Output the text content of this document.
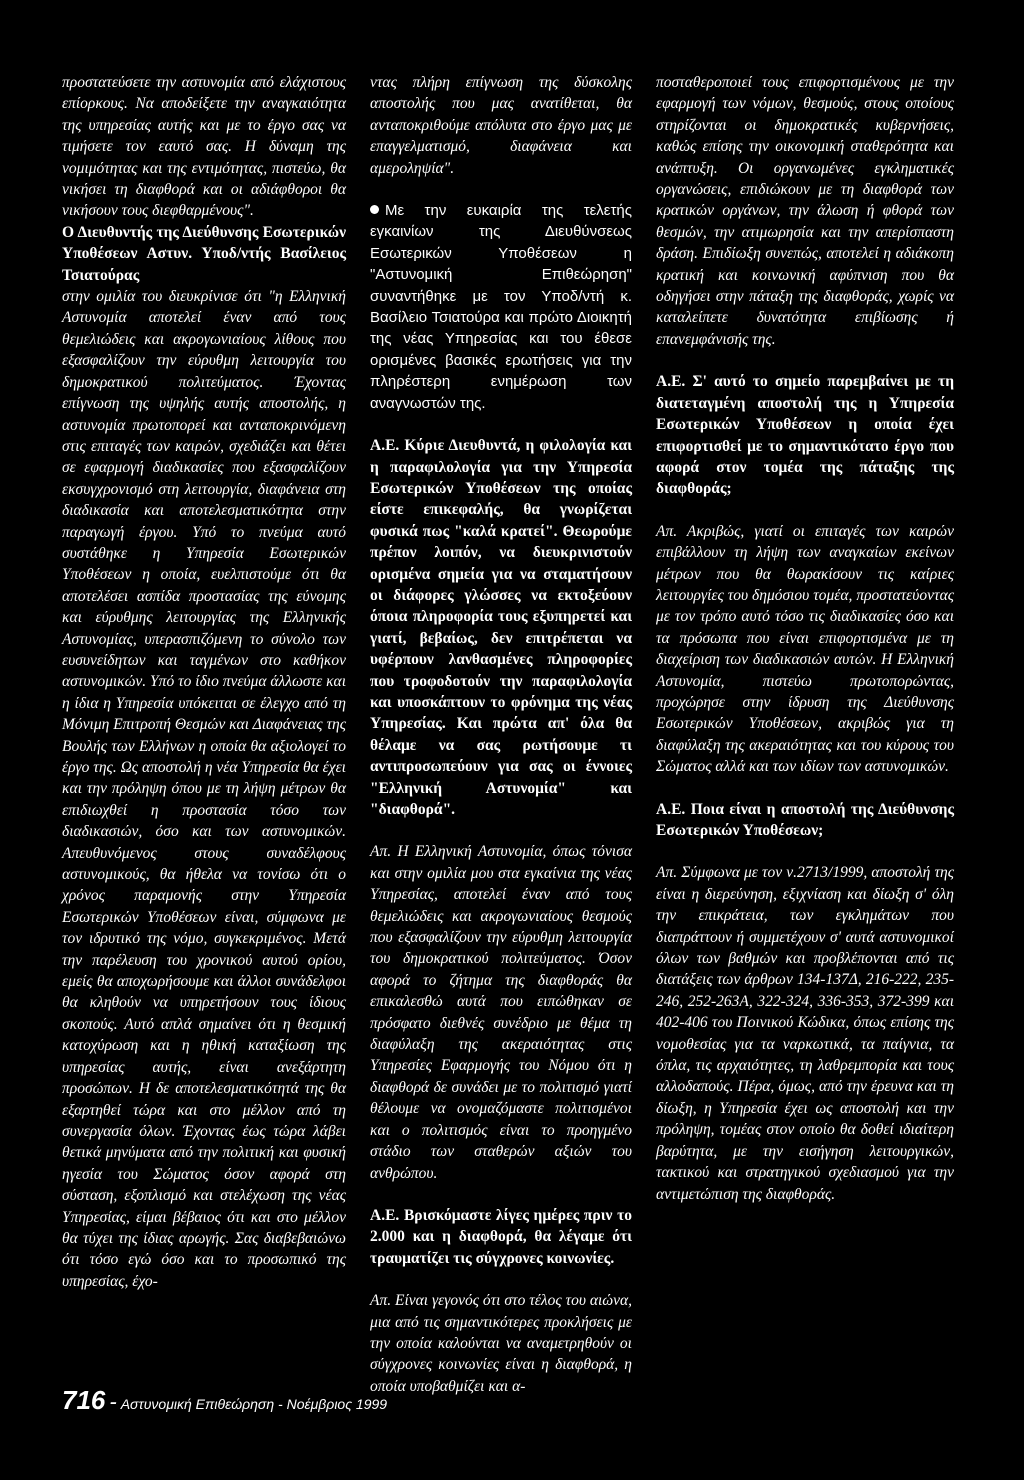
προστατεύσετε την αστυνομία από ελάχιστους επίορκους. Να αποδείξετε την αναγκαιότητα της υπηρεσίας αυτής και με το έργο σας να τιμήσετε τον εαυτό σας. Η δύναμη της νομιμότητας και της εντιμότητας, πιστεύω, θα νικήσει τη διαφθορά και οι αδιάφθοροι θα νικήσουν τους διεφθαρμένους".

Ο Διευθυντής της Διεύθυνσης Εσωτερικών Υποθέσεων Αστυν. Υποδ/ντής Βασίλειος Τσιατούρας

στην ομιλία του διευκρίνισε ότι "η Ελληνική Αστυνομία αποτελεί έναν από τους θεμελιώδεις και ακρογωνιαίους λίθους που εξασφαλίζουν την εύρυθμη λειτουργία του δημοκρατικού πολιτεύματος. Έχοντας επίγνωση της υψηλής αυτής αποστολής, η αστυνομία πρωτοπορεί και ανταποκρινόμενη στις επιταγές των καιρών, σχεδιάζει και θέτει σε εφαρμογή διαδικασίες που εξασφαλίζουν εκσυγχρονισμό στη λειτουργία, διαφάνεια στη διαδικασία και αποτελεσματικότητα στην παραγωγή έργου. Υπό το πνεύμα αυτό συστάθηκε η Υπηρεσία Εσωτερικών Υποθέσεων η οποία, ευελπιστούμε ότι θα αποτελέσει ασπίδα προστασίας της εύνομης και εύρυθμης λειτουργίας της Ελληνικής Αστυνομίας, υπερασπιζόμενη το σύνολο των ευσυνείδητων και ταγμένων στο καθήκον αστυνομικών. Υπό το ίδιο πνεύμα άλλωστε και η ίδια η Υπηρεσία υπόκειται σε έλεγχο από τη Μόνιμη Επιτροπή Θεσμών και Διαφάνειας της Βουλής των Ελλήνων η οποία θα αξιολογεί το έργο της. Ως αποστολή η νέα Υπηρεσία θα έχει και την πρόληψη όπου με τη λήψη μέτρων θα επιδιωχθεί η προστασία τόσο των διαδικασιών, όσο και των αστυνομικών. Απευθυνόμενος στους συναδέλφους αστυνομικούς, θα ήθελα να τονίσω ότι ο χρόνος παραμονής στην Υπηρεσία Εσωτερικών Υποθέσεων είναι, σύμφωνα με τον ιδρυτικό της νόμο, συγκεκριμένος. Μετά την παρέλευση του χρονικού αυτού ορίου, εμείς θα αποχωρήσουμε και άλλοι συνάδελφοι θα κληθούν να υπηρετήσουν τους ίδιους σκοπούς. Αυτό απλά σημαίνει ότι η θεσμική κατοχύρωση και η ηθική καταξίωση της υπηρεσίας αυτής, είναι ανεξάρτητη προσώπων. Η δε αποτελεσματικότητά της θα εξαρτηθεί τώρα και στο μέλλον από τη συνεργασία όλων. Έχοντας έως τώρα λάβει θετικά μηνύματα από την πολιτική και φυσική ηγεσία του Σώματος όσον αφορά στη σύσταση, εξοπλισμό και στελέχωση της νέας Υπηρεσίας, είμαι βέβαιος ότι και στο μέλλον θα τύχει της ίδιας αρωγής. Σας διαβεβαιώνω ότι τόσο εγώ όσο και το προσωπικό της υπηρεσίας, έχο-

ντας πλήρη επίγνωση της δύσκολης αποστολής που μας ανατίθεται, θα ανταποκριθούμε απόλυτα στο έργο μας με επαγγελματισμό, διαφάνεια και αμεροληψία".

Με την ευκαιρία της τελετής εγκαινίων της Διευθύνσεως Εσωτερικών Υποθέσεων η "Αστυνομική Επιθεώρηση" συναντήθηκε με τον Υποδ/ντή κ. Βασίλειο Τσιατούρα και πρώτο Διοικητή της νέας Υπηρεσίας και του έθεσε ορισμένες βασικές ερωτήσεις για την πληρέστερη ενημέρωση των αναγνωστών της.

Α.Ε. Κύριε Διευθυντά, η φιλολογία και η παραφιλολογία για την Υπηρεσία Εσωτερικών Υποθέσεων της οποίας είστε επικεφαλής, θα γνωρίζεται φυσικά πως "καλά κρατεί". Θεωρούμε πρέπον λοιπόν, να διευκρινιστούν ορισμένα σημεία για να σταματήσουν οι διάφορες γλώσσες να εκτοξεύουν όποια πληροφορία τους εξυπηρετεί και γιατί, βεβαίως, δεν επιτρέπεται να υφέρπουν λανθασμένες πληροφορίες που τροφοδοτούν την παραφιλολογία και υποσκάπτουν το φρόνημα της νέας Υπηρεσίας. Και πρώτα απ' όλα θα θέλαμε να σας ρωτήσουμε τι αντιπροσωπεύουν για σας οι έννοιες "Ελληνική Αστυνομία" και "διαφθορά".

Απ. Η Ελληνική Αστυνομία, όπως τόνισα και στην ομιλία μου στα εγκαίνια της νέας Υπηρεσίας, αποτελεί έναν από τους θεμελιώδεις και ακρογωνιαίους θεσμούς που εξασφαλίζουν την εύρυθμη λειτουργία του δημοκρατικού πολιτεύματος. Όσον αφορά το ζήτημα της διαφθοράς θα επικαλεσθώ αυτά που ειπώθηκαν σε πρόσφατο διεθνές συνέδριο με θέμα τη διαφύλαξη της ακεραιότητας στις Υπηρεσίες Εφαρμογής του Νόμου ότι η διαφθορά δε συνάδει με το πολιτισμό γιατί θέλουμε να ονομαζόμαστε πολιτισμένοι και ο πολιτισμός είναι το προηγμένο στάδιο των σταθερών αξιών του ανθρώπου.

Α.Ε. Βρισκόμαστε λίγες ημέρες πριν το 2.000 και η διαφθορά, θα λέγαμε ότι τραυματίζει τις σύγχρονες κοινωνίες.

Απ. Είναι γεγονός ότι στο τέλος του αιώνα, μια από τις σημαντικότερες προκλήσεις με την οποία καλούνται να αναμετρηθούν οι σύγχρονες κοινωνίες είναι η διαφθορά, η οποία υποβαθμίζει και α-

ποσταθεροποιεί τους επιφορτισμένους με την εφαρμογή των νόμων, θεσμούς, στους οποίους στηρίζονται οι δημοκρατικές κυβερνήσεις, καθώς επίσης την οικονομική σταθερότητα και ανάπτυξη. Οι οργανωμένες εγκληματικές οργανώσεις, επιδιώκουν με τη διαφθορά των κρατικών οργάνων, την άλωση ή φθορά των θεσμών, την ατιμωρησία και την απερίσπαστη δράση. Επιδίωξη συνεπώς, αποτελεί η αδιάκοπη κρατική και κοινωνική αφύπνιση που θα οδηγήσει στην πάταξη της διαφθοράς, χωρίς να καταλείπετε δυνατότητα επιβίωσης ή επανεμφάνισής της.

Α.Ε. Σ' αυτό το σημείο παρεμβαίνει με τη διατεταγμένη αποστολή της η Υπηρεσία Εσωτερικών Υποθέσεων η οποία έχει επιφορτισθεί με το σημαντικότατο έργο που αφορά στον τομέα της πάταξης της διαφθοράς;

Απ. Ακριβώς, γιατί οι επιταγές των καιρών επιβάλλουν τη λήψη των αναγκαίων εκείνων μέτρων που θα θωρακίσουν τις καίριες λειτουργίες του δημόσιου τομέα, προστατεύοντας με τον τρόπο αυτό τόσο τις διαδικασίες όσο και τα πρόσωπα που είναι επιφορτισμένα με τη διαχείριση των διαδικασιών αυτών. Η Ελληνική Αστυνομία, πιστεύω πρωτοπορώντας, προχώρησε στην ίδρυση της Διεύθυνσης Εσωτερικών Υποθέσεων, ακριβώς για τη διαφύλαξη της ακεραιότητας και του κύρους του Σώματος αλλά και των ιδίων των αστυνομικών.

Α.Ε. Ποια είναι η αποστολή της Διεύθυνσης Εσωτερικών Υποθέσεων;

Απ. Σύμφωνα με τον ν.2713/1999, αποστολή της είναι η διερεύνηση, εξιχνίαση και δίωξη σ' όλη την επικράτεια, των εγκλημάτων που διαπράττουν ή συμμετέχουν σ' αυτά αστυνομικοί όλων των βαθμών και προβλέπονται από τις διατάξεις των άρθρων 134-137Δ, 216-222, 235-246, 252-263Α, 322-324, 336-353, 372-399 και 402-406 του Ποινικού Κώδικα, όπως επίσης της νομοθεσίας για τα ναρκωτικά, τα παίγνια, τα όπλα, τις αρχαιότητες, τη λαθρεμπορία και τους αλλοδαπούς. Πέρα, όμως, από την έρευνα και τη δίωξη, η Υπηρεσία έχει ως αποστολή και την πρόληψη, τομέας στον οποίο θα δοθεί ιδιαίτερη βαρύτητα, με την εισήγηση λειτουργικών, τακτικού και στρατηγικού σχεδιασμού για την αντιμετώπιση της διαφθοράς.

716 - Αστυνομική Επιθεώρηση - Νοέμβριος 1999
